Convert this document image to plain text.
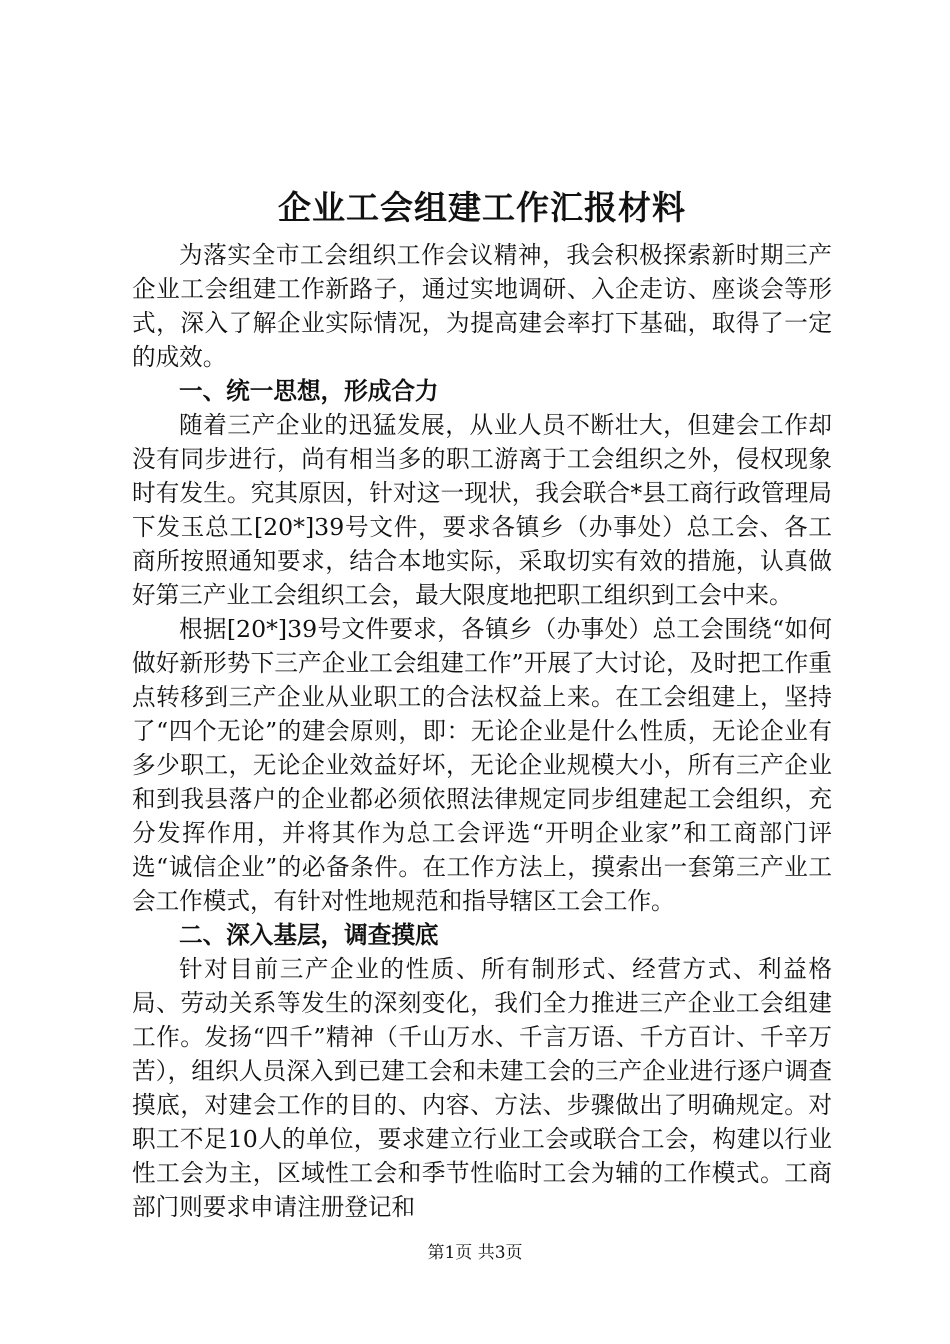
企业工会组建工作汇报材料

为落实全市工会组织工作会议精神，我会积极探索新时期三产企业工会组建工作新路子，通过实地调研、入企走访、座谈会等形式，深入了解企业实际情况，为提高建会率打下基础，取得了一定的成效。

一、统一思想，形成合力

随着三产企业的迅猛发展，从业人员不断壮大，但建会工作却没有同步进行，尚有相当多的职工游离于工会组织之外，侵权现象时有发生。究其原因，针对这一现状，我会联合*县工商行政管理局下发玉总工[20*]39号文件，要求各镇乡（办事处）总工会、各工商所按照通知要求，结合本地实际，采取切实有效的措施，认真做好第三产业工会组织工会，最大限度地把职工组织到工会中来。

根据[20*]39号文件要求，各镇乡（办事处）总工会围绕“如何做好新形势下三产企业工会组建工作”开展了大讨论，及时把工作重点转移到三产企业从业职工的合法权益上来。在工会组建上，坚持了“四个无论”的建会原则，即：无论企业是什么性质，无论企业有多少职工，无论企业效益好坏，无论企业规模大小，所有三产企业和到我县落户的企业都必须依照法律规定同步组建起工会组织，充分发挥作用，并将其作为总工会评选“开明企业家”和工商部门评选“诚信企业”的必备条件。在工作方法上，摸索出一套第三产业工会工作模式，有针对性地规范和指导辖区工会工作。

二、深入基层，调查摸底

针对目前三产企业的性质、所有制形式、经营方式、利益格局、劳动关系等发生的深刻变化，我们全力推进三产企业工会组建工作。发扬“四千”精神（千山万水、千言万语、千方百计、千辛万苦），组织人员深入到已建工会和未建工会的三产企业进行逐户调查摸底，对建会工作的目的、内容、方法、步骤做出了明确规定。对职工不足10人的单位，要求建立行业工会或联合工会，构建以行业性工会为主，区域性工会和季节性临时工会为辅的工作模式。工商部门则要求申请注册登记和

第1页 共3页
